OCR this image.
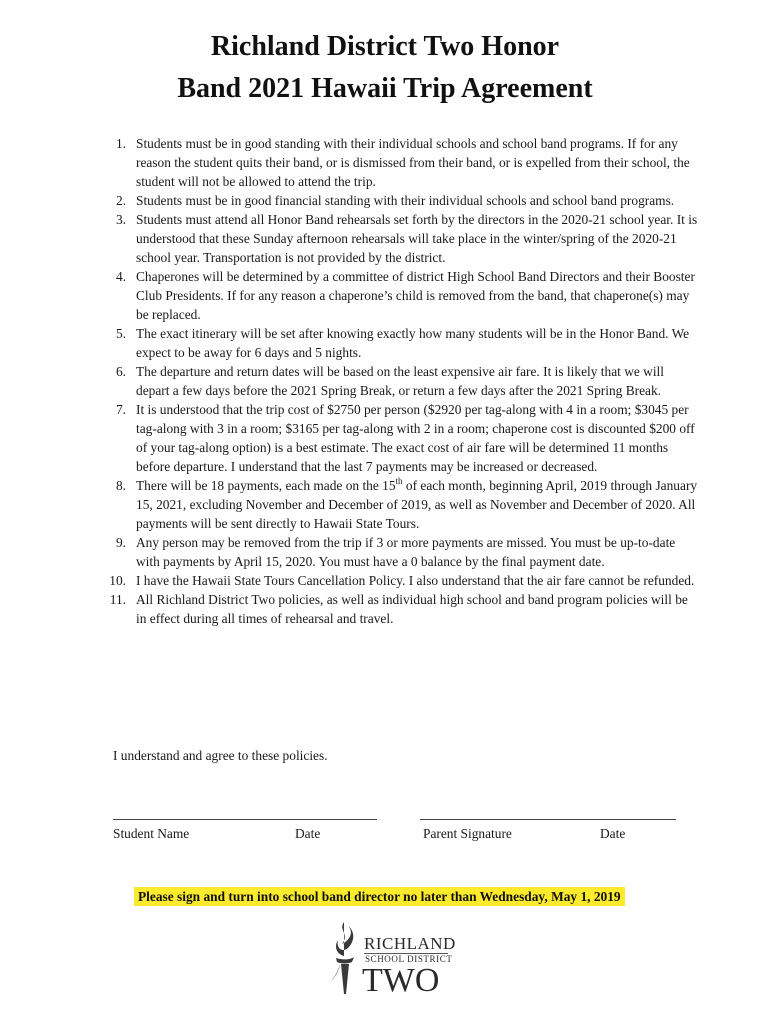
Richland District Two Honor
Band 2021 Hawaii Trip Agreement
1. Students must be in good standing with their individual schools and school band programs. If for any reason the student quits their band, or is dismissed from their band, or is expelled from their school, the student will not be allowed to attend the trip.
2. Students must be in good financial standing with their individual schools and school band programs.
3. Students must attend all Honor Band rehearsals set forth by the directors in the 2020-21 school year. It is understood that these Sunday afternoon rehearsals will take place in the winter/spring of the 2020-21 school year. Transportation is not provided by the district.
4. Chaperones will be determined by a committee of district High School Band Directors and their Booster Club Presidents. If for any reason a chaperone’s child is removed from the band, that chaperone(s) may be replaced.
5. The exact itinerary will be set after knowing exactly how many students will be in the Honor Band. We expect to be away for 6 days and 5 nights.
6. The departure and return dates will be based on the least expensive air fare. It is likely that we will depart a few days before the 2021 Spring Break, or return a few days after the 2021 Spring Break.
7. It is understood that the trip cost of $2750 per person ($2920 per tag-along with 4 in a room; $3045 per tag-along with 3 in a room; $3165 per tag-along with 2 in a room; chaperone cost is discounted $200 off of your tag-along option) is a best estimate. The exact cost of air fare will be determined 11 months before departure. I understand that the last 7 payments may be increased or decreased.
8. There will be 18 payments, each made on the 15th of each month, beginning April, 2019 through January 15, 2021, excluding November and December of 2019, as well as November and December of 2020. All payments will be sent directly to Hawaii State Tours.
9. Any person may be removed from the trip if 3 or more payments are missed. You must be up-to-date with payments by April 15, 2020. You must have a 0 balance by the final payment date.
10. I have the Hawaii State Tours Cancellation Policy. I also understand that the air fare cannot be refunded.
11. All Richland District Two policies, as well as individual high school and band program policies will be in effect during all times of rehearsal and travel.
I understand and agree to these policies.
Student Name	Date	Parent Signature	Date
Please sign and turn into school band director no later than Wednesday, May 1, 2019
RICHLAND
SCHOOL DISTRICT
TWO
